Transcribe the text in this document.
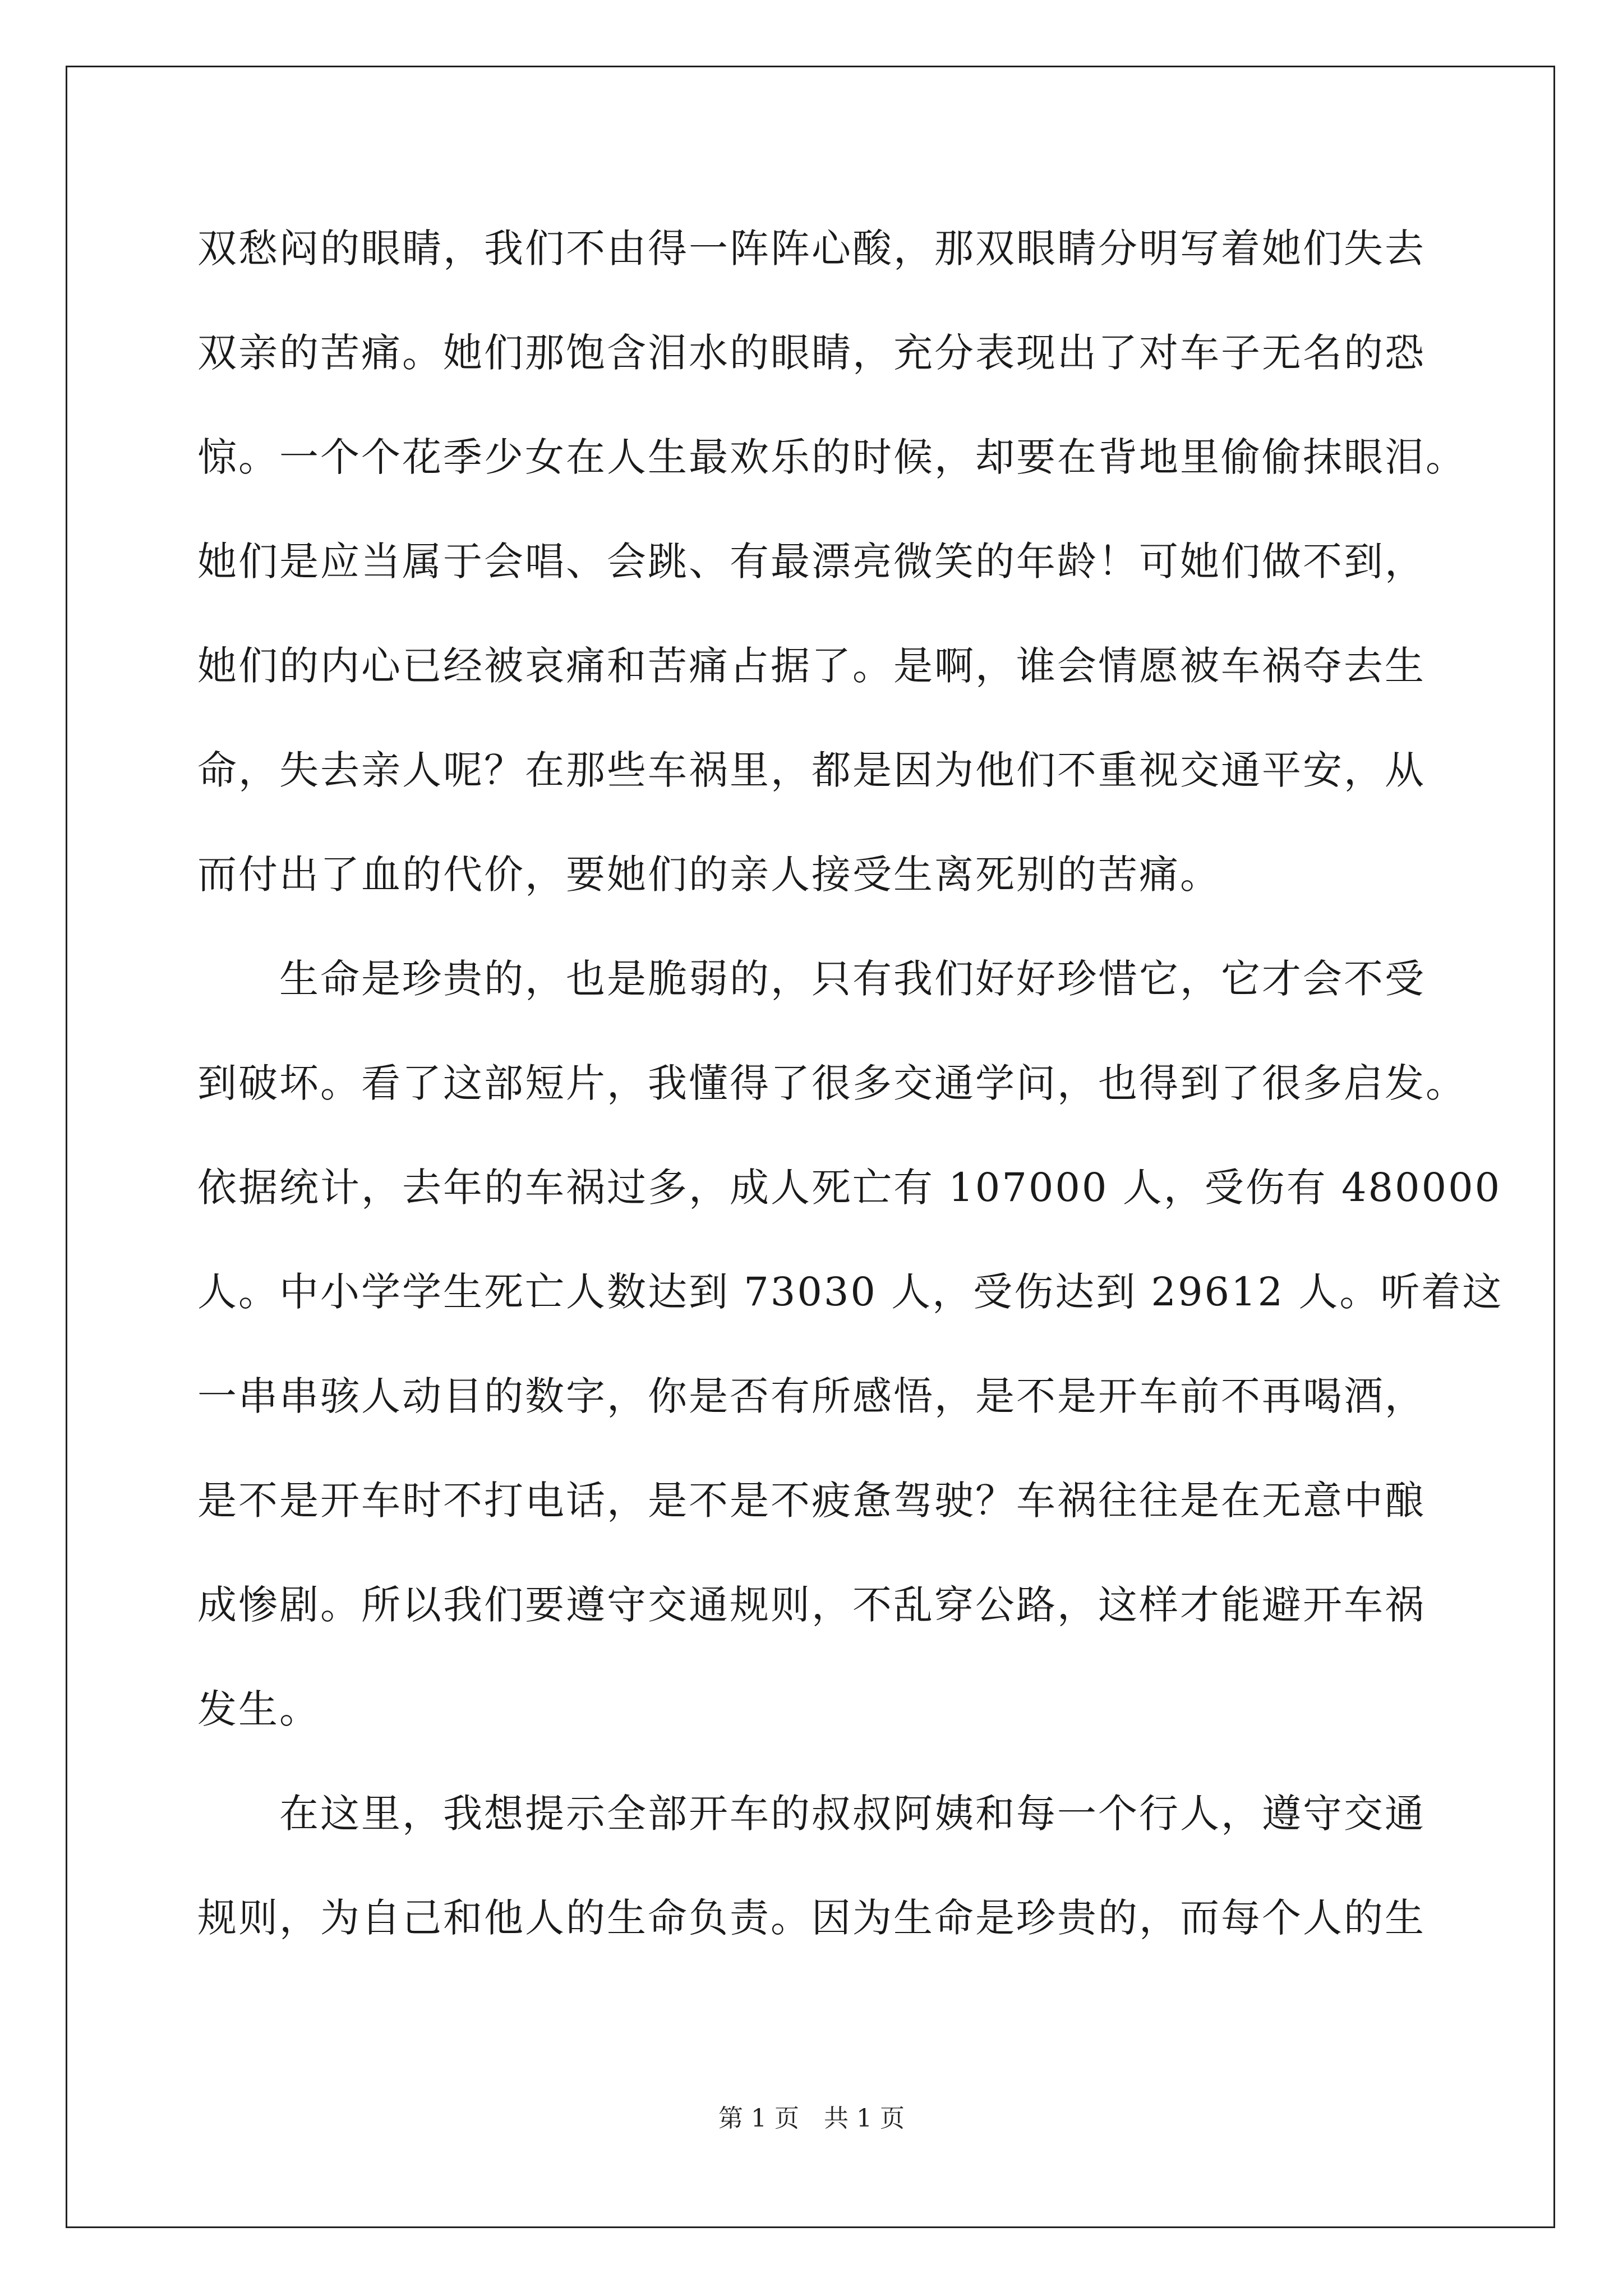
双愁闷的眼睛，我们不由得一阵阵心酸，那双眼睛分明写着她们失去
双亲的苦痛。她们那饱含泪水的眼睛，充分表现出了对车子无名的恐
惊。一个个花季少女在人生最欢乐的时候，却要在背地里偷偷抹眼泪。
她们是应当属于会唱、会跳、有最漂亮微笑的年龄！可她们做不到，
她们的内心已经被哀痛和苦痛占据了。是啊，谁会情愿被车祸夺去生
命，失去亲人呢？在那些车祸里，都是因为他们不重视交通平安，从
而付出了血的代价，要她们的亲人接受生离死别的苦痛。
　　生命是珍贵的，也是脆弱的，只有我们好好珍惜它，它才会不受
到破坏。看了这部短片，我懂得了很多交通学问，也得到了很多启发。
依据统计，去年的车祸过多，成人死亡有 107000 人，受伤有 480000
人。中小学学生死亡人数达到 73030 人，受伤达到 29612 人。听着这
一串串骇人动目的数字，你是否有所感悟，是不是开车前不再喝酒，
是不是开车时不打电话，是不是不疲惫驾驶？车祸往往是在无意中酿
成惨剧。所以我们要遵守交通规则，不乱穿公路，这样才能避开车祸
发生。
　　在这里，我想提示全部开车的叔叔阿姨和每一个行人，遵守交通
规则，为自己和他人的生命负责。因为生命是珍贵的，而每个人的生
第 1 页　共 1 页
